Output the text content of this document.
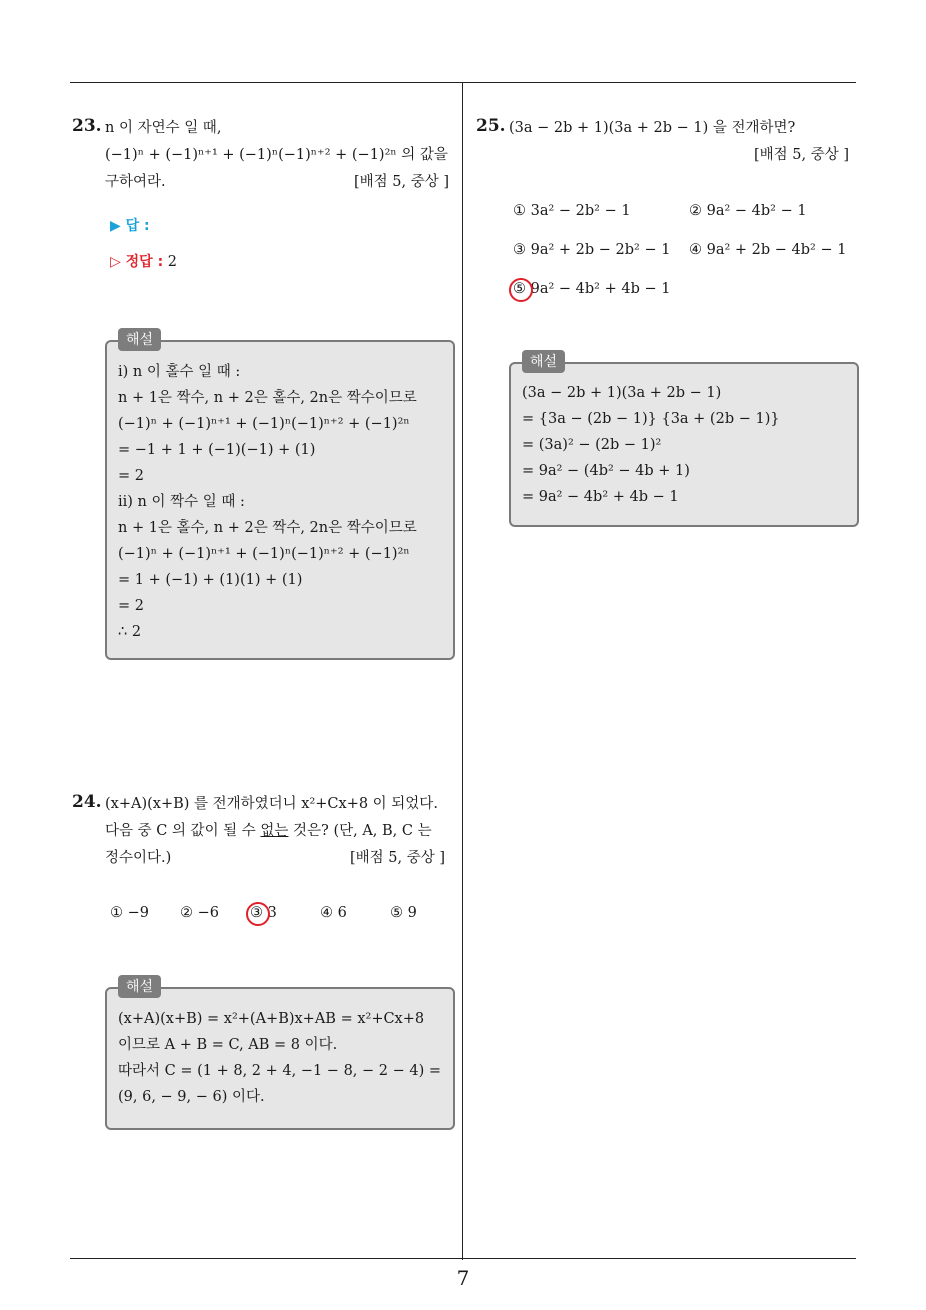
23. n 이 자연수 일 때,
(−1)ⁿ + (−1)ⁿ⁺¹ + (−1)ⁿ(−1)ⁿ⁺² + (−1)²ⁿ 의 값을
구하여라.	[배점 5, 중상 ]
▶ 답 :
▷ 정답 : 2
해설
i) n 이 홀수 일 때 :
n + 1은 짝수, n + 2은 홀수, 2n은 짝수이므로
(−1)ⁿ + (−1)ⁿ⁺¹ + (−1)ⁿ(−1)ⁿ⁺² + (−1)²ⁿ
= −1 + 1 + (−1)(−1) + (1)
= 2
ii) n 이 짝수 일 때 :
n + 1은 홀수, n + 2은 짝수, 2n은 짝수이므로
(−1)ⁿ + (−1)ⁿ⁺¹ + (−1)ⁿ(−1)ⁿ⁺² + (−1)²ⁿ
= 1 + (−1) + (1)(1) + (1)
= 2
∴ 2
24. (x+A)(x+B) 를 전개하였더니 x²+Cx+8 이 되었다.
다음 중 C 의 값이 될 수 없는 것은? (단, A, B, C 는
정수이다.)	[배점 5, 중상 ]
① −9 ② −6 ③ 3	④ 6	⑤ 9
해설
(x+A)(x+B) = x²+(A+B)x+AB = x²+Cx+8
이므로 A + B = C, AB = 8 이다.
따라서 C = (1 + 8, 2 + 4, −1 − 8, − 2 − 4) =
(9, 6, − 9, − 6) 이다.
25. (3a − 2b + 1)(3a + 2b − 1) 을 전개하면?
[배점 5, 중상 ]
① 3a² − 2b² − 1	② 9a² − 4b² − 1
③ 9a² + 2b − 2b² − 1 ④ 9a² + 2b − 4b² − 1
⑤ 9a² − 4b² + 4b − 1
해설
(3a − 2b + 1)(3a + 2b − 1)
= {3a − (2b − 1)} {3a + (2b − 1)}
= (3a)² − (2b − 1)²
= 9a² − (4b² − 4b + 1)
= 9a² − 4b² + 4b − 1
7
